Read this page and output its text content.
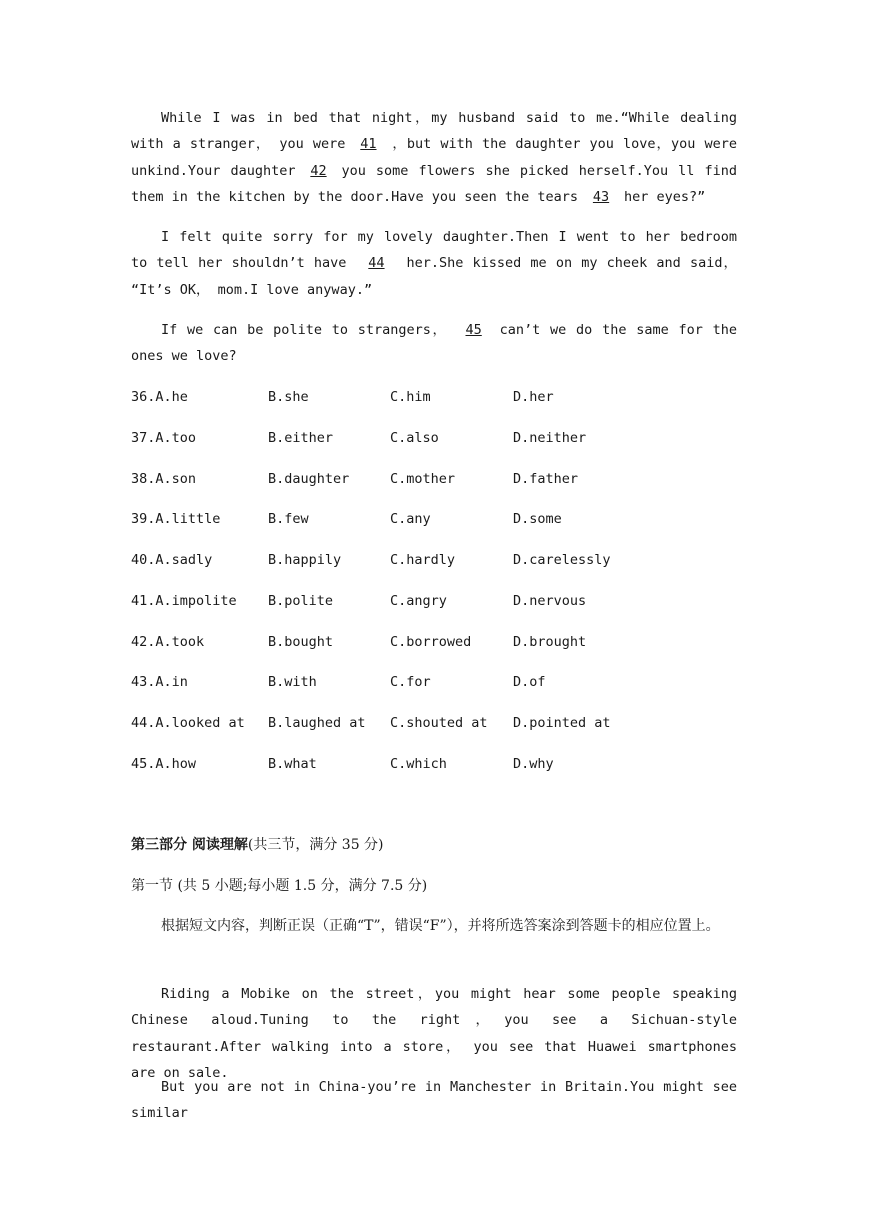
While I was in bed that night，my husband said to me.“While dealing with a stranger， you were41，but with the daughter you love，you were unkind.Your daughter42you some flowers she picked herself.You ll find them in the kitchen by the door.Have you seen the tears43her eyes?”

I felt quite sorry for my lovely daughter.Then I went to her bedroom to tell her shouldn’t have44her.She kissed me on my cheek and said， “It’s OK， mom.I love anyway.”

If we can be polite to strangers，45can’t we do the same for the ones we love?

36.A.he	B.she	C.him	D.her
37.A.too	B.either	C.also	D.neither
38.A.son	B.daughter	C.mother	D.father
39.A.little	B.few	C.any	D.some
40.A.sadly	B.happily	C.hardly	D.carelessly
41.A.impolite B.polite	C.angry	D.nervous
42.A.took	B.bought	C.borrowed	D.brought
43.A.in	B.with	C.for	D.of
44.A.looked at B.laughed at C.shouted at D.pointed at
45.A.how	B.what	C.which	D.why
第三部分 阅读理解(共三节，满分 35 分)
第一节 (共 5 小题;每小题 1.5 分，满分 7.5 分)

根据短文内容，判断正误（正确“T”，错误“F”），并将所选答案涂到答题卡的相应位置上。

Riding a Mobike on the street，you might hear some people speaking Chinese aloud.Tuning to the right，you see a Sichuan-style restaurant.After walking into a store， you see that Huawei smartphones are on sale.

But you are not in China-you’re in Manchester in Britain.You might see similar
